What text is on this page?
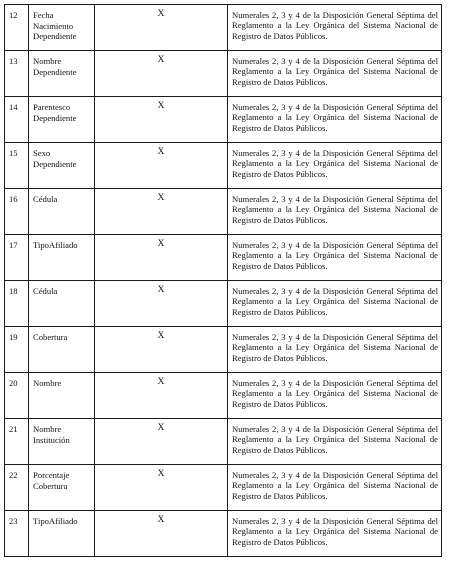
12	Fecha Nacimiento Dependiente	X	Numerales 2, 3 y 4 de la Disposición General Séptima del Reglamento a la Ley Orgánica del Sistema Nacional de Registro de Datos Públicos.

13	Nombre Dependiente	X	Numerales 2, 3 y 4 de la Disposición General Séptima del Reglamento a la Ley Orgánica del Sistema Nacional de Registro de Datos Públicos.

14	Parentesco Dependiente	X	Numerales 2, 3 y 4 de la Disposición General Séptima del Reglamento a la Ley Orgánica del Sistema Nacional de Registro de Datos Públicos.

15	Sexo Dependiente	X	Numerales 2, 3 y 4 de la Disposición General Séptima del Reglamento a la Ley Orgánica del Sistema Nacional de Registro de Datos Públicos.

16	Cédula	X	Numerales 2, 3 y 4 de la Disposición General Séptima del Reglamento a la Ley Orgánica del Sistema Nacional de Registro de Datos Públicos.

17	TipoAfiliado	X	Numerales 2, 3 y 4 de la Disposición General Séptima del Reglamento a la Ley Orgánica del Sistema Nacional de Registro de Datos Públicos.

18	Cédula	X	Numerales 2, 3 y 4 de la Disposición General Séptima del Reglamento a la Ley Orgánica del Sistema Nacional de Registro de Datos Públicos.

19	Cobertura	X	Numerales 2, 3 y 4 de la Disposición General Séptima del Reglamento a la Ley Orgánica del Sistema Nacional de Registro de Datos Públicos.

20	Nombre	X	Numerales 2, 3 y 4 de la Disposición General Séptima del Reglamento a la Ley Orgánica del Sistema Nacional de Registro de Datos Públicos.

21	Nombre Institución	X	Numerales 2, 3 y 4 de la Disposición General Séptima del Reglamento a la Ley Orgánica del Sistema Nacional de Registro de Datos Públicos.

22	Porcentaje Cobertura	X	Numerales 2, 3 y 4 de la Disposición General Séptima del Reglamento a la Ley Orgánica del Sistema Nacional de Registro de Datos Públicos.

23	TipoAfiliado	X	Numerales 2, 3 y 4 de la Disposición General Séptima del Reglamento a la Ley Orgánica del Sistema Nacional de Registro de Datos Públicos.
